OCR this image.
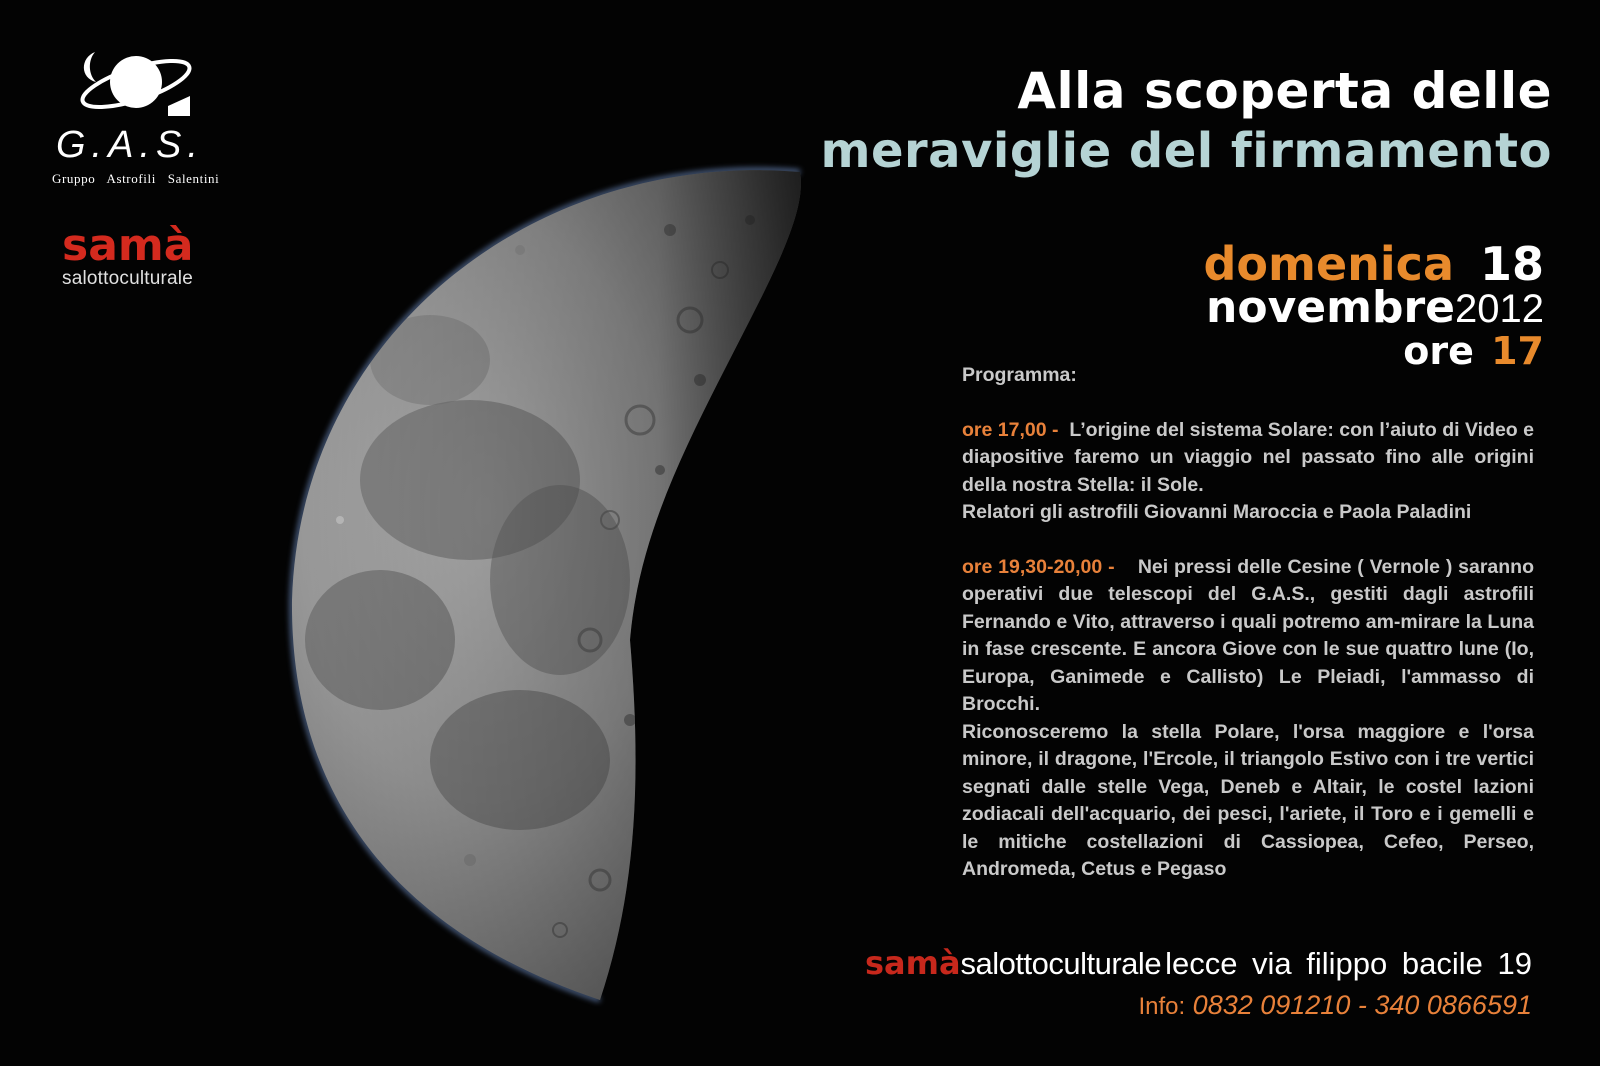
G.A.S.
Gruppo Astrofili Salentini
samà
salottoculturale
Alla scoperta delle
meraviglie del firmamento
domenica 18
novembre2012
ore 17

Programma:

ore 17,00 - L’origine del sistema Solare: con l’aiuto di Video e diapositive faremo un viaggio nel passato fino alle origini della nostra Stella: il Sole.

Relatori gli astrofili Giovanni Maroccia e Paola Paladini

ore 19,30-20,00 - Nei pressi delle Cesine ( Vernole ) saranno operativi due telescopi del G.A.S., gestiti dagli astrofili Fernando e Vito, attraverso i quali potremo am-mirare la Luna in fase crescente. E ancora Giove con le sue quattro lune (Io, Europa, Ganimede e Callisto) Le Pleiadi, l'ammasso di Brocchi.

Riconosceremo la stella Polare, l'orsa maggiore e l'orsa minore, il dragone, l'Ercole, il triangolo Estivo con i tre vertici segnati dalle stelle Vega, Deneb e Altair, le costel lazioni zodiacali dell'acquario, dei pesci, l'ariete, il Toro e i gemelli e le mitiche costellazioni di Cassiopea, Cefeo, Perseo, Andromeda, Cetus e Pegaso

samàsalottoculturale lecce via filippo bacile 19
Info: 0832 091210 - 340 0866591
